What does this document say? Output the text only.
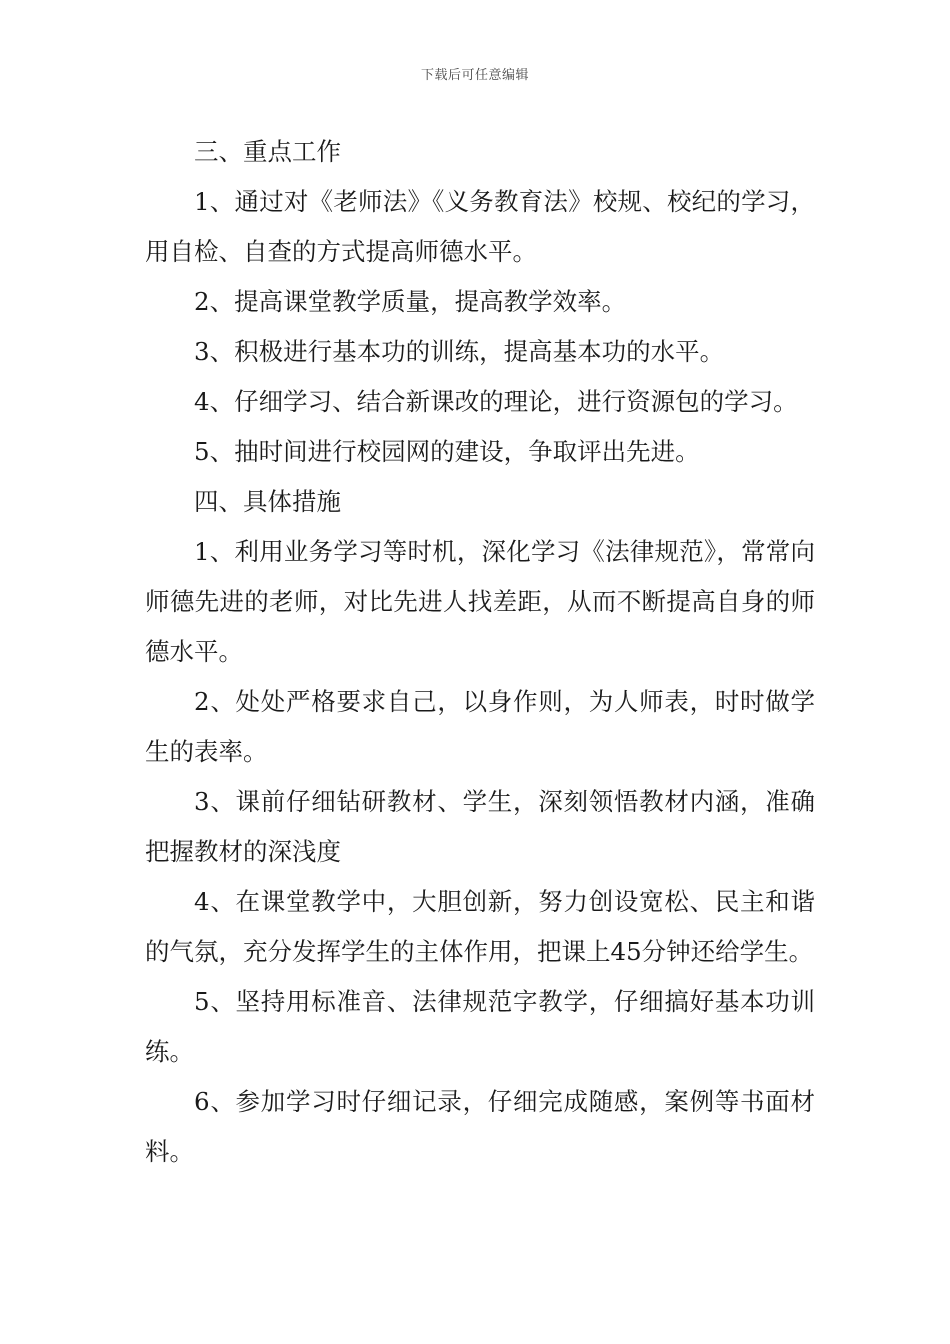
下载后可任意编辑

三、重点工作

1、通过对《老师法》《义务教育法》校规、校纪的学习，用自检、自查的方式提高师德水平。

2、提高课堂教学质量，提高教学效率。

3、积极进行基本功的训练，提高基本功的水平。

4、仔细学习、结合新课改的理论，进行资源包的学习。

5、抽时间进行校园网的建设，争取评出先进。

四、具体措施

1、利用业务学习等时机，深化学习《法律规范》，常常向师德先进的老师，对比先进人找差距，从而不断提高自身的师德水平。

2、处处严格要求自己，以身作则，为人师表，时时做学生的表率。

3、课前仔细钻研教材、学生，深刻领悟教材内涵，准确把握教材的深浅度

4、在课堂教学中，大胆创新，努力创设宽松、民主和谐的气氛，充分发挥学生的主体作用，把课上45分钟还给学生。

5、坚持用标准音、法律规范字教学，仔细搞好基本功训练。

6、参加学习时仔细记录，仔细完成随感，案例等书面材料。
